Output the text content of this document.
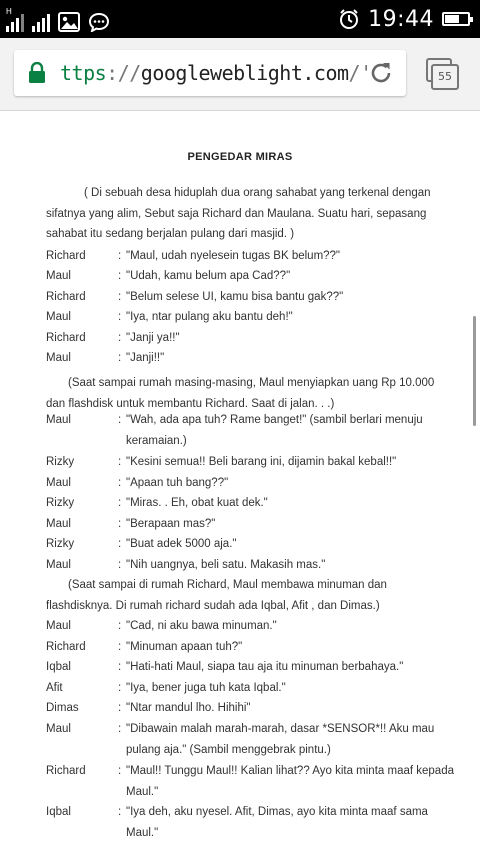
H	19:44
ttps://googleweblight.com/'	55
PENGEDAR MIRAS
( Di sebuah desa hiduplah dua orang sahabat yang terkenal dengan sifatnya yang alim, Sebut saja Richard dan Maulana. Suatu hari, sepasang sahabat itu sedang berjalan pulang dari masjid. )
Richard	: "Maul, udah nyelesein tugas BK belum??"
Maul	: "Udah, kamu belum apa Cad??"
Richard	: "Belum selese UI, kamu bisa bantu gak??"
Maul	: "Iya, ntar pulang aku bantu deh!"
Richard	: "Janji ya!!"
Maul	: "Janji!!"
(Saat sampai rumah masing-masing, Maul menyiapkan uang Rp 10.000 dan flashdisk untuk membantu Richard. Saat di jalan. . .)
Maul	: "Wah, ada apa tuh? Rame banget!" (sambil berlari menuju keramaian.)
Rizky	: "Kesini semua!! Beli barang ini, dijamin bakal kebal!!"
Maul	: "Apaan tuh bang??"
Rizky	: "Miras. . Eh, obat kuat dek."
Maul	: "Berapaan mas?"
Rizky	: "Buat adek 5000 aja."
Maul	: "Nih uangnya, beli satu. Makasih mas."
(Saat sampai di rumah Richard, Maul membawa minuman dan flashdisknya. Di rumah richard sudah ada Iqbal, Afit , dan Dimas.)
Maul	: "Cad, ni aku bawa minuman."
Richard	: "Minuman apaan tuh?"
Iqbal	: "Hati-hati Maul, siapa tau aja itu minuman berbahaya."
Afit	: "Iya, bener juga tuh kata Iqbal."
Dimas	: "Ntar mandul lho. Hihihi"
Maul	: "Dibawain malah marah-marah, dasar *SENSOR*!! Aku mau pulang aja." (Sambil menggebrak pintu.)
Richard	: "Maul!! Tunggu Maul!! Kalian lihat?? Ayo kita minta maaf kepada Maul."
Iqbal	: "Iya deh, aku nyesel. Afit, Dimas, ayo kita minta maaf sama Maul."
